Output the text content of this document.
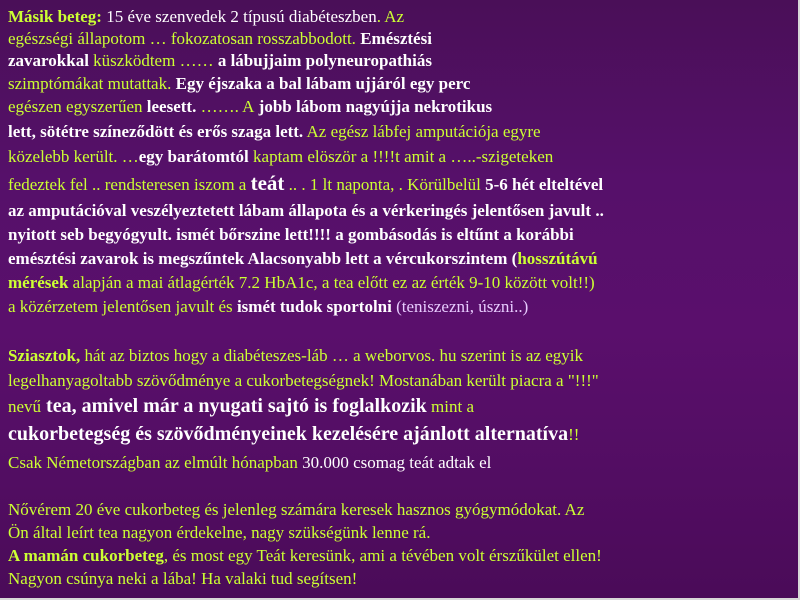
Másik beteg: 15 éve szenvedek 2 típusú diabéteszben. Az
egészségi állapotom … fokozatosan rosszabbodott. Emésztési
zavarokkal küszködtem …… a lábujjaim polyneuropathiás
szimptómákat mutattak. Egy éjszaka a bal lábam ujjáról egy perc
egészen egyszerűen leesett. ……. A jobb lábom nagyújja nekrotikus
lett, sötétre színeződött és erős szaga lett. Az egész lábfej amputációja egyre
közelebb került. …egy barátomtól kaptam elöször a !!!!t amit a …..-szigeteken
fedeztek fel .. rendsteresen iszom a teát .. . 1 lt naponta, . Körülbelül 5-6 hét elteltével
az amputációval veszélyeztetett lábam állapota és a vérkeringés jelentősen javult ..
nyitott seb begyógyult. ismét bőrszine lett!!!! a gombásodás is eltűnt a korábbi
emésztési zavarok is megszűntek Alacsonyabb lett a vércukorszintem (hosszútávú
mérések alapján a mai átlagérték 7.2 HbA1c, a tea előtt ez az érték 9-10 között volt!!)
a közérzetem jelentősen javult és ismét tudok sportolni (teniszezni, úszni..)
Sziasztok, hát az biztos hogy a diabéteszes-láb … a weborvos. hu szerint is az egyik
legelhanyagoltabb szövődménye a cukorbetegségnek! Mostanában került piacra a "!!!"
nevű tea, amivel már a nyugati sajtó is foglalkozik mint a
cukorbetegség és szövődményeinek kezelésére ajánlott alternatíva!!
Csak Németországban az elmúlt hónapban 30.000 csomag teát adtak el
Nővérem 20 éve cukorbeteg és jelenleg számára keresek hasznos gyógymódokat. Az
Ön által leírt tea nagyon érdekelne, nagy szükségünk lenne rá.
A mamán cukorbeteg, és most egy Teát keresünk, ami a tévében volt érszűkület ellen!
Nagyon csúnya neki a lába! Ha valaki tud segítsen!
